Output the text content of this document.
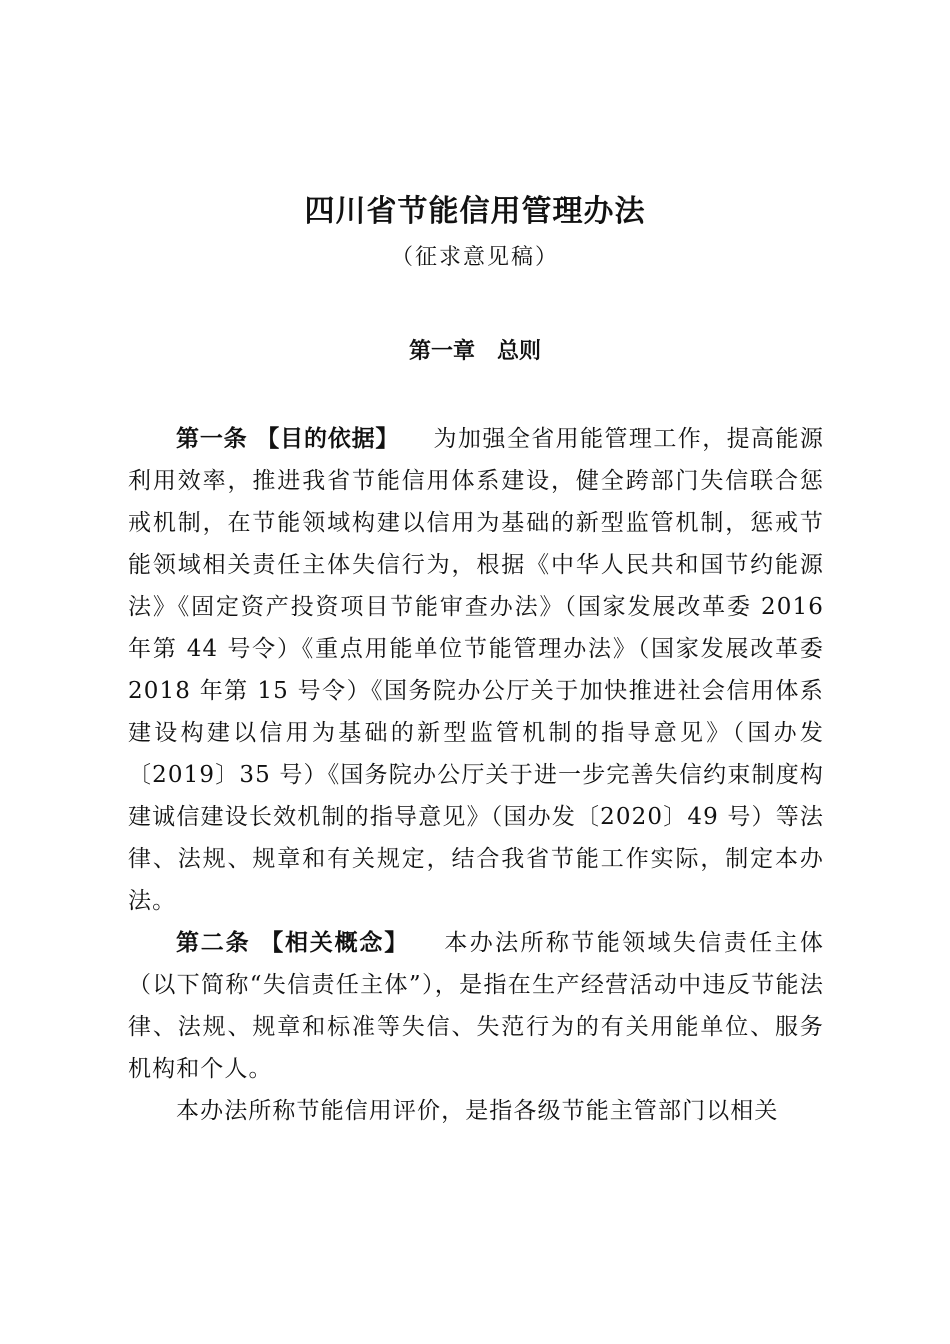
四川省节能信用管理办法
（征求意见稿）
第一章　总则

第一条 【目的依据】 为加强全省用能管理工作，提高能源利用效率，推进我省节能信用体系建设，健全跨部门失信联合惩戒机制，在节能领域构建以信用为基础的新型监管机制，惩戒节能领域相关责任主体失信行为，根据《中华人民共和国节约能源法》《固定资产投资项目节能审查办法》（国家发展改革委 2016 年第 44 号令）《重点用能单位节能管理办法》（国家发展改革委 2018 年第 15 号令）《国务院办公厅关于加快推进社会信用体系建设构建以信用为基础的新型监管机制的指导意见》（国办发〔2019〕35 号）《国务院办公厅关于进一步完善失信约束制度构建诚信建设长效机制的指导意见》（国办发〔2020〕49 号）等法律、法规、规章和有关规定，结合我省节能工作实际，制定本办法。

第二条 【相关概念】 本办法所称节能领域失信责任主体（以下简称“失信责任主体”），是指在生产经营活动中违反节能法律、法规、规章和标准等失信、失范行为的有关用能单位、服务机构和个人。

本办法所称节能信用评价，是指各级节能主管部门以相关
